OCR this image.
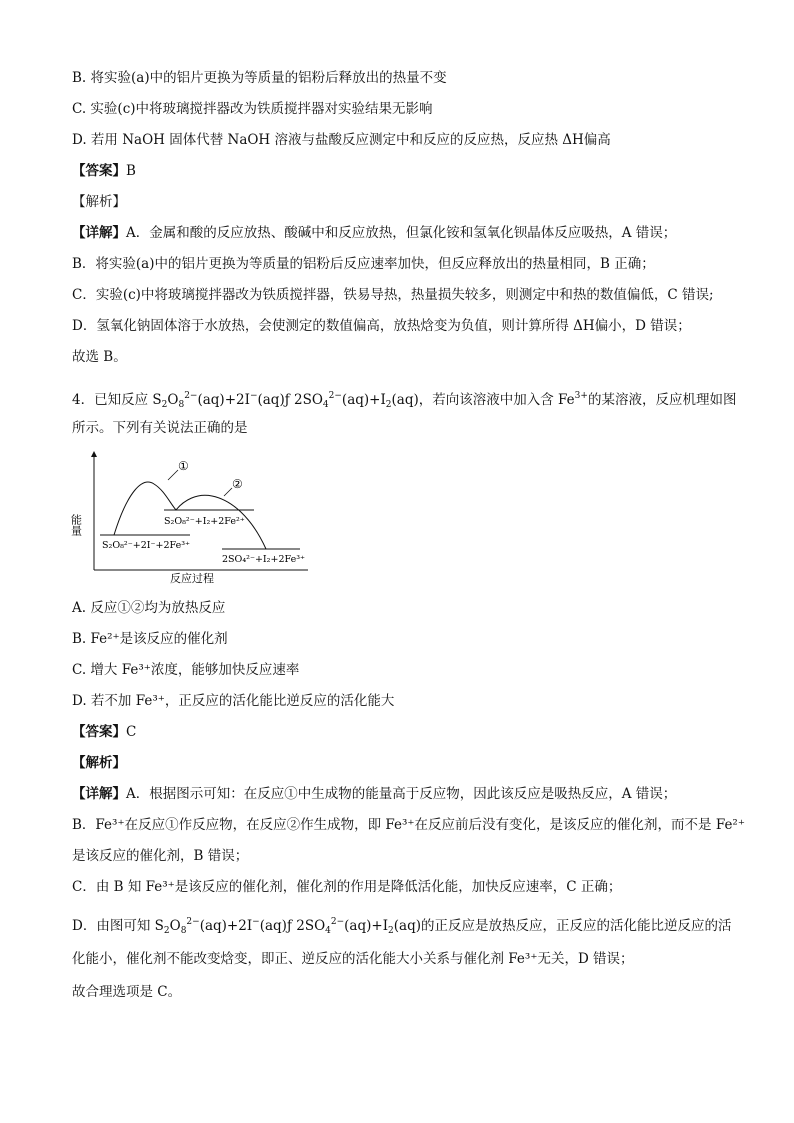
B. 将实验(a)中的铝片更换为等质量的铝粉后释放出的热量不变
C. 实验(c)中将玻璃搅拌器改为铁质搅拌器对实验结果无影响
D. 若用 NaOH 固体代替 NaOH 溶液与盐酸反应测定中和反应的反应热，反应热 ΔH偏高
【答案】B
【解析】
【详解】A．金属和酸的反应放热、酸碱中和反应放热，但氯化铵和氢氧化钡晶体反应吸热，A 错误；
B．将实验(a)中的铝片更换为等质量的铝粉后反应速率加快，但反应释放出的热量相同，B 正确；
C．实验(c)中将玻璃搅拌器改为铁质搅拌器，铁易导热，热量损失较多，则测定中和热的数值偏低，C 错误;
D．氢氧化钠固体溶于水放热，会使测定的数值偏高，放热焓变为负值，则计算所得 ΔH偏小，D 错误；
故选 B。
4．已知反应 $S_2O_8^{2-}(aq)+2I^-(aq)ƒ$ $2SO_4^{2-}(aq)+I_2(aq)$，若向该溶液中加入含 $Fe^{3+}$的某溶液，反应机理如图
所示。下列有关说法正确的是
能量
反应过程
①
②
S₂O₈²⁻+2I⁻+2Fe³⁺
S₂O₈²⁻+I₂+2Fe²⁺
2SO₄²⁻+I₂+2Fe³⁺
A. 反应①②均为放热反应
B. Fe²⁺是该反应的催化剂
C. 增大 Fe³⁺浓度，能够加快反应速率
D. 若不加 Fe³⁺，正反应的活化能比逆反应的活化能大
【答案】C
【解析】
【详解】A．根据图示可知：在反应①中生成物的能量高于反应物，因此该反应是吸热反应，A 错误；
B．Fe³⁺在反应①作反应物，在反应②作生成物，即 Fe³⁺在反应前后没有变化，是该反应的催化剂，而不是 Fe²⁺
是该反应的催化剂，B 错误；
C．由 B 知 Fe³⁺是该反应的催化剂，催化剂的作用是降低活化能，加快反应速率，C 正确；
D．由图可知 $S_2O_8^{2-}(aq)+2I^-(aq)ƒ$ $2SO_4^{2-}(aq)+I_2(aq)$的正反应是放热反应，正反应的活化能比逆反应的活
化能小，催化剂不能改变焓变，即正、逆反应的活化能大小关系与催化剂 Fe³⁺无关，D 错误；
故合理选项是 C。
